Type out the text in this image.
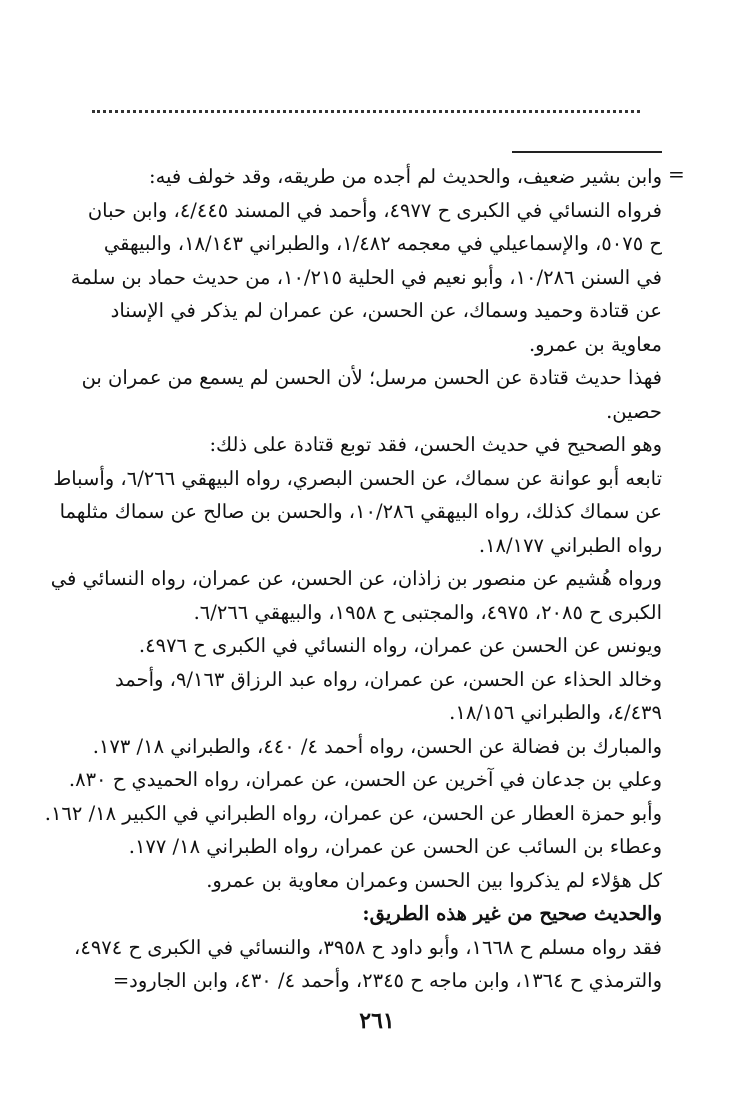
=
وابن بشير ضعيف، والحديث لم أجده من طريقه، وقد خولف فيه:
فرواه النسائي في الكبرى ح ٤٩٧٧، وأحمد في المسند ٤/٤٤٥، وابن حبان
ح ٥٠٧٥، والإسماعيلي في معجمه ١/٤٨٢، والطبراني ١٨/١٤٣، والبيهقي
في السنن ١٠/٢٨٦، وأبو نعيم في الحلية ١٠/٢١٥، من حديث حماد بن سلمة
عن قتادة وحميد وسماك، عن الحسن، عن عمران لم يذكر في الإسناد
معاوية بن عمرو.
فهذا حديث قتادة عن الحسن مرسل؛ لأن الحسن لم يسمع من عمران بن
حصين.
وهو الصحيح في حديث الحسن، فقد توبع قتادة على ذلك:
تابعه أبو عوانة عن سماك، عن الحسن البصري، رواه البيهقي ٦/٢٦٦، وأسباط
عن سماك كذلك، رواه البيهقي ١٠/٢٨٦، والحسن بن صالح عن سماك مثلهما
رواه الطبراني ١٨/١٧٧.
ورواه هُشيم عن منصور بن زاذان، عن الحسن، عن عمران، رواه النسائي في
الكبرى ح ٢٠٨٥، ٤٩٧٥، والمجتبى ح ١٩٥٨، والبيهقي ٦/٢٦٦.
ويونس عن الحسن عن عمران، رواه النسائي في الكبرى ح ٤٩٧٦.
وخالد الحذاء عن الحسن، عن عمران، رواه عبد الرزاق ٩/١٦٣، وأحمد
٤/٤٣٩، والطبراني ١٨/١٥٦.
والمبارك بن فضالة عن الحسن، رواه أحمد ٤/ ٤٤٠، والطبراني ١٨/ ١٧٣.
وعلي بن جدعان في آخرين عن الحسن، عن عمران، رواه الحميدي ح ٨٣٠.
وأبو حمزة العطار عن الحسن، عن عمران، رواه الطبراني في الكبير ١٨/ ١٦٢.
وعطاء بن السائب عن الحسن عن عمران، رواه الطبراني ١٨/ ١٧٧.
كل هؤلاء لم يذكروا بين الحسن وعمران معاوية بن عمرو.
والحديث صحيح من غير هذه الطريق:
فقد رواه مسلم ح ١٦٦٨، وأبو داود ح ٣٩٥٨، والنسائي في الكبرى ح ٤٩٧٤،
والترمذي ح ١٣٦٤، وابن ماجه ح ٢٣٤٥، وأحمد ٤/ ٤٣٠، وابن الجارود=
٢٦١
